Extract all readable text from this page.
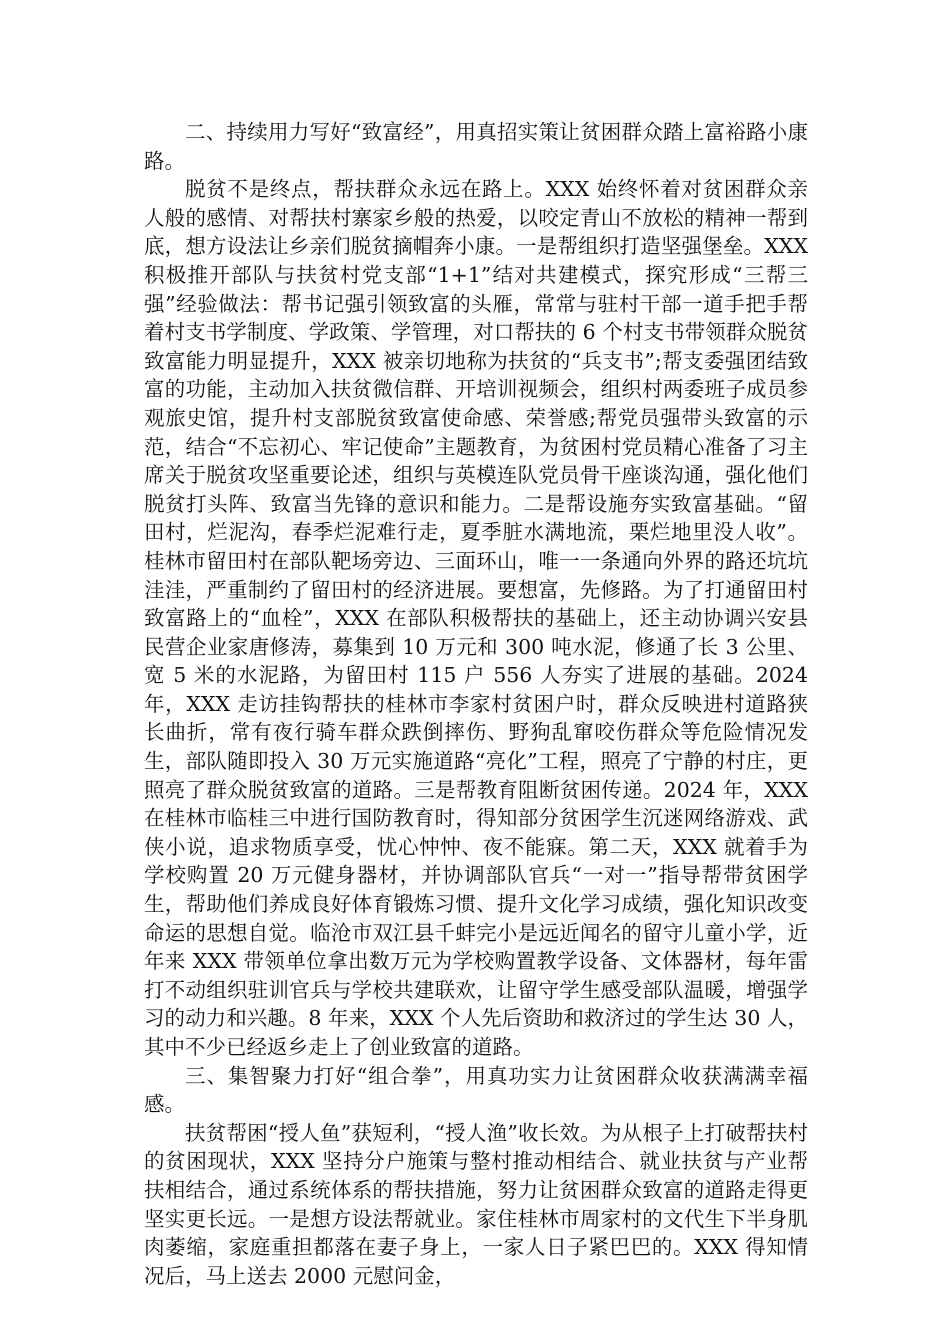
二、持续用力写好“致富经”，用真招实策让贫困群众踏上富裕路小康路。

脱贫不是终点，帮扶群众永远在路上。XXX 始终怀着对贫困群众亲人般的感情、对帮扶村寨家乡般的热爱，以咬定青山不放松的精神一帮到底，想方设法让乡亲们脱贫摘帽奔小康。一是帮组织打造坚强堡垒。XXX 积极推开部队与扶贫村党支部“1+1”结对共建模式，探究形成“三帮三强”经验做法：帮书记强引领致富的头雁，常常与驻村干部一道手把手帮着村支书学制度、学政策、学管理，对口帮扶的 6 个村支书带领群众脱贫致富能力明显提升，XXX 被亲切地称为扶贫的“兵支书”;帮支委强团结致富的功能，主动加入扶贫微信群、开培训视频会，组织村两委班子成员参观旅史馆，提升村支部脱贫致富使命感、荣誉感;帮党员强带头致富的示范，结合“不忘初心、牢记使命”主题教育，为贫困村党员精心准备了习主席关于脱贫攻坚重要论述，组织与英模连队党员骨干座谈沟通，强化他们脱贫打头阵、致富当先锋的意识和能力。二是帮设施夯实致富基础。“留田村，烂泥沟，春季烂泥难行走，夏季脏水满地流，栗烂地里没人收”。桂林市留田村在部队靶场旁边、三面环山，唯一一条通向外界的路还坑坑洼洼，严重制约了留田村的经济进展。要想富，先修路。为了打通留田村致富路上的“血栓”，XXX 在部队积极帮扶的基础上，还主动协调兴安县民营企业家唐修涛，募集到 10 万元和 300 吨水泥，修通了长 3 公里、宽 5 米的水泥路，为留田村 115 户 556 人夯实了进展的基础。2024 年，XXX 走访挂钩帮扶的桂林市李家村贫困户时，群众反映进村道路狭长曲折，常有夜行骑车群众跌倒摔伤、野狗乱窜咬伤群众等危险情况发生，部队随即投入 30 万元实施道路“亮化”工程，照亮了宁静的村庄，更照亮了群众脱贫致富的道路。三是帮教育阻断贫困传递。2024 年，XXX 在桂林市临桂三中进行国防教育时，得知部分贫困学生沉迷网络游戏、武侠小说，追求物质享受，忧心忡忡、夜不能寐。第二天，XXX 就着手为学校购置 20 万元健身器材，并协调部队官兵“一对一”指导帮带贫困学生，帮助他们养成良好体育锻炼习惯、提升文化学习成绩，强化知识改变命运的思想自觉。临沧市双江县千蚌完小是远近闻名的留守儿童小学，近年来 XXX 带领单位拿出数万元为学校购置教学设备、文体器材，每年雷打不动组织驻训官兵与学校共建联欢，让留守学生感受部队温暖，增强学习的动力和兴趣。8 年来，XXX 个人先后资助和救济过的学生达 30 人，其中不少已经返乡走上了创业致富的道路。

三、集智聚力打好“组合拳”，用真功实力让贫困群众收获满满幸福感。

扶贫帮困“授人鱼”获短利，“授人渔”收长效。为从根子上打破帮扶村的贫困现状，XXX 坚持分户施策与整村推动相结合、就业扶贫与产业帮扶相结合，通过系统体系的帮扶措施，努力让贫困群众致富的道路走得更坚实更长远。一是想方设法帮就业。家住桂林市周家村的文代生下半身肌肉萎缩，家庭重担都落在妻子身上，一家人日子紧巴巴的。XXX 得知情况后，马上送去 2000 元慰问金，
